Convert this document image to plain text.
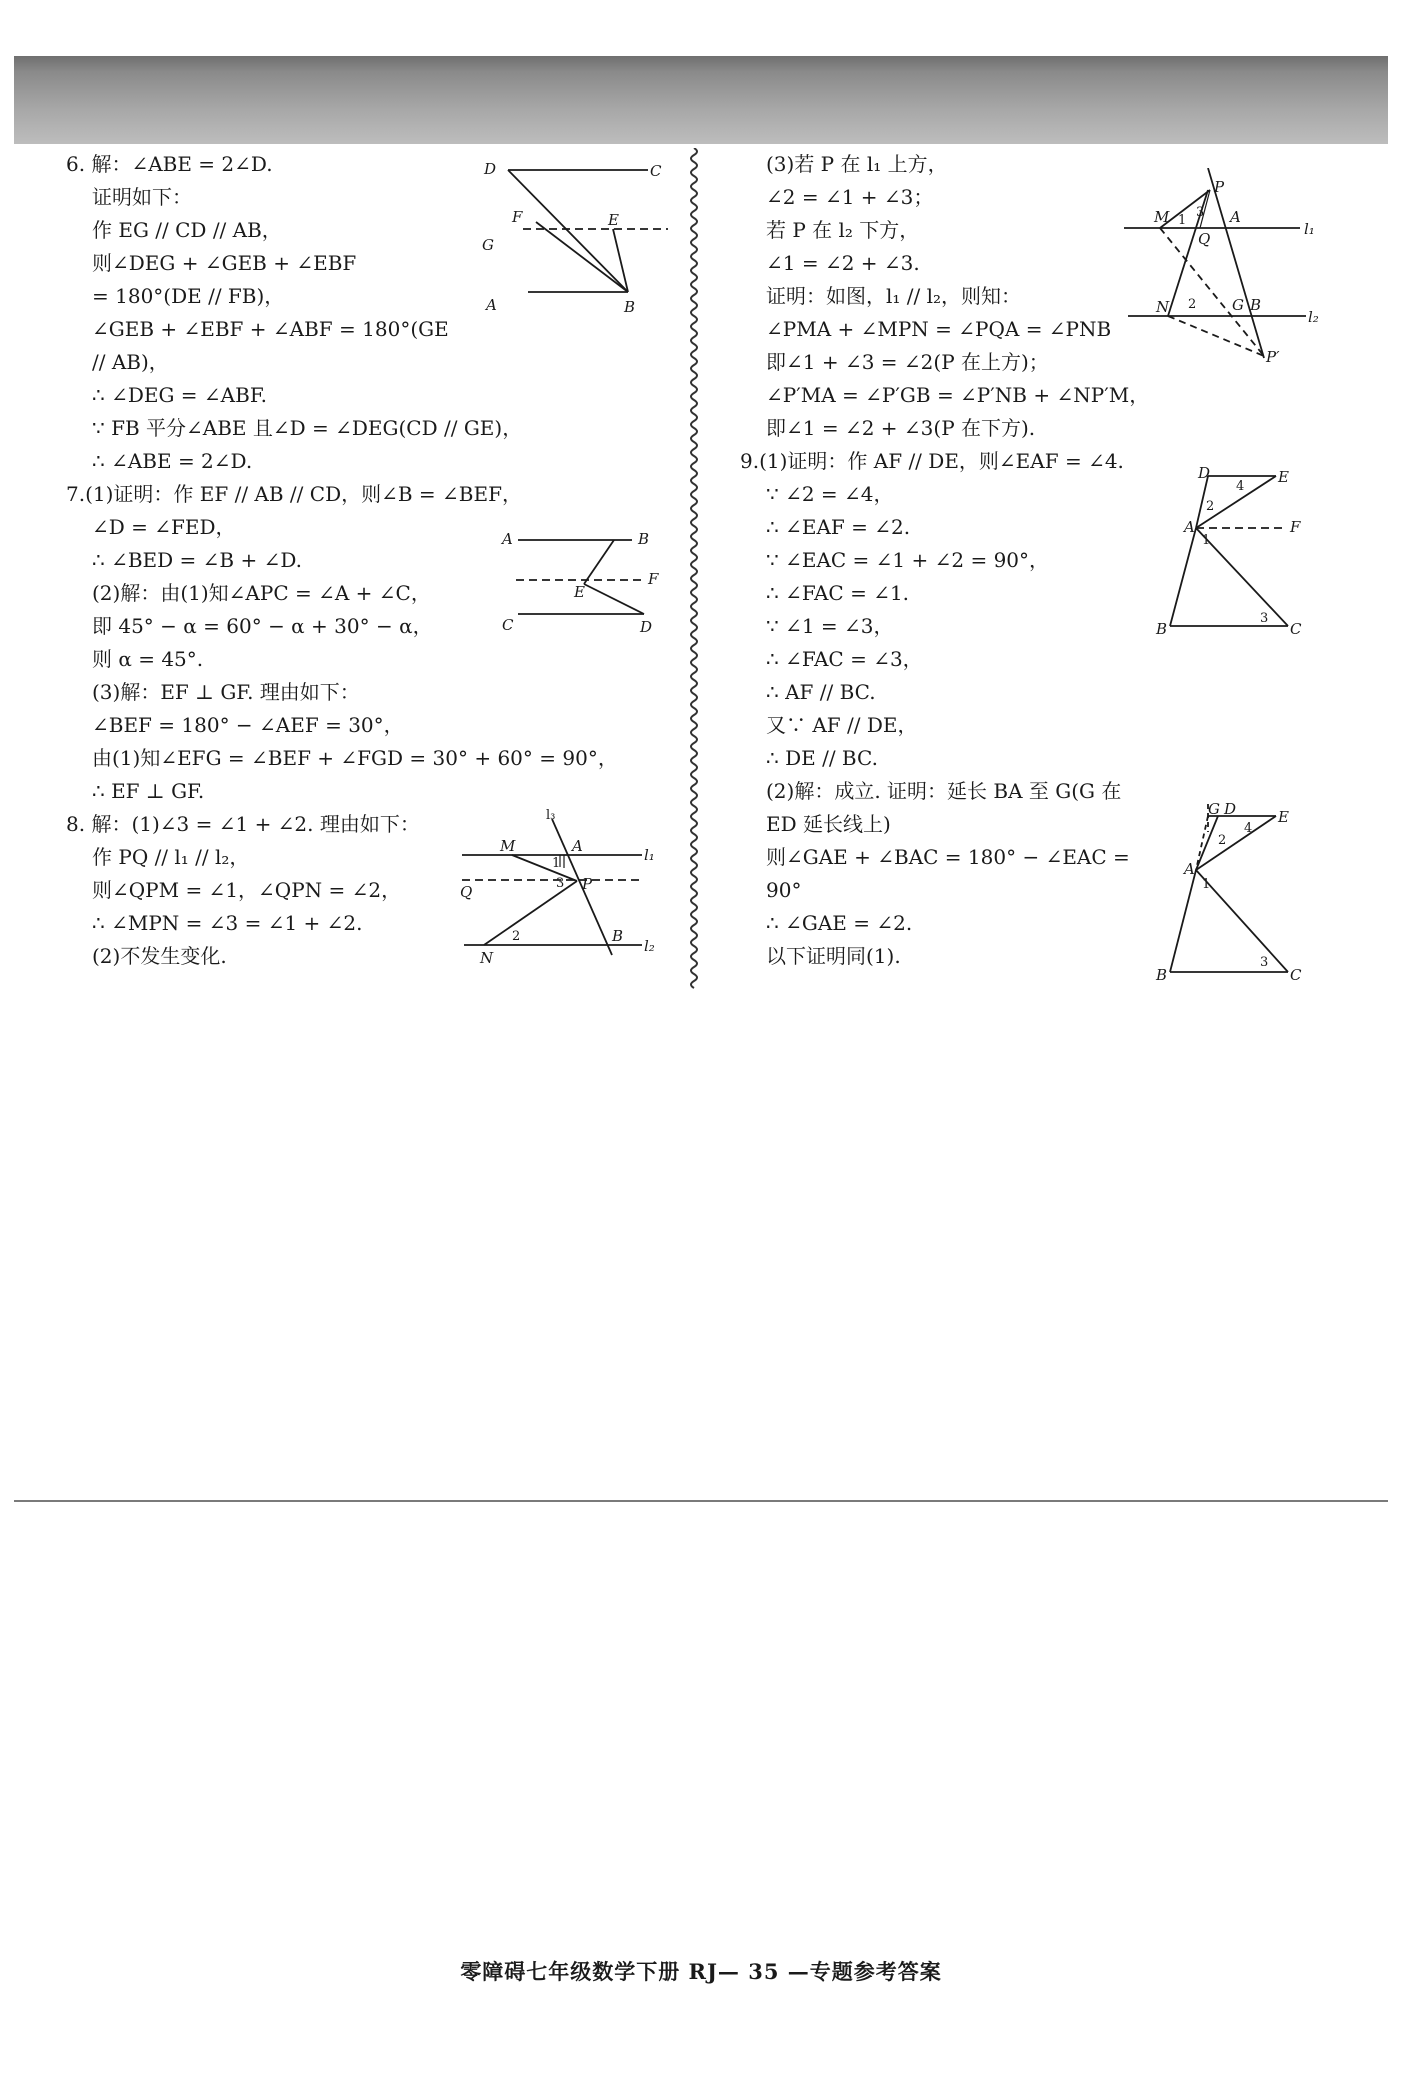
6. 解：∠ABE = 2∠D.
证明如下：
作 EG // CD // AB，
则∠DEG + ∠GEB + ∠EBF
= 180°(DE // FB)，
∠GEB + ∠EBF + ∠ABF = 180°(GE
// AB)，
∴ ∠DEG = ∠ABF.
∵ FB 平分∠ABE 且∠D = ∠DEG(CD // GE)，
∴ ∠ABE = 2∠D.
7.(1)证明：作 EF // AB // CD，则∠B = ∠BEF，
∠D = ∠FED，
∴ ∠BED = ∠B + ∠D.
(2)解：由(1)知∠APC = ∠A + ∠C，
即 45° − α = 60° − α + 30° − α，
则 α = 45°.
(3)解：EF ⊥ GF. 理由如下：
∠BEF = 180° − ∠AEF = 30°，
由(1)知∠EFG = ∠BEF + ∠FGD = 30° + 60° = 90°，
∴ EF ⊥ GF.
8. 解：(1)∠3 = ∠1 + ∠2. 理由如下：
作 PQ // l₁ // l₂，
则∠QPM = ∠1，∠QPN = ∠2，
∴ ∠MPN = ∠3 = ∠1 + ∠2.
(2)不发生变化.
(3)若 P 在 l₁ 上方，
∠2 = ∠1 + ∠3；
若 P 在 l₂ 下方，
∠1 = ∠2 + ∠3.
证明：如图，l₁ // l₂，则知：
∠PMA + ∠MPN = ∠PQA = ∠PNB
即∠1 + ∠3 = ∠2(P 在上方)；
∠P′MA = ∠P′GB = ∠P′NB + ∠NP′M，
即∠1 = ∠2 + ∠3(P 在下方).
9.(1)证明：作 AF // DE，则∠EAF = ∠4.
∵ ∠2 = ∠4，
∴ ∠EAF = ∠2.
∵ ∠EAC = ∠1 + ∠2 = 90°，
∴ ∠FAC = ∠1.
∵ ∠1 = ∠3，
∴ ∠FAC = ∠3，
∴ AF // BC.
又∵ AF // DE，
∴ DE // BC.
(2)解：成立. 证明：延长 BA 至 G(G 在
ED 延长线上)
则∠GAE + ∠BAC = 180° − ∠EAC =
90°
∴ ∠GAE = ∠2.
以下证明同(1).
D	C
F	E
G
A	B
A	B
E
F
C	D
l₃
M	A	l₁
1
3
Q	P
2	B
N
l₂
P
M 3 A
l₁
1
Q
N 2 G B
l₂
P′
D
4
E
2
A	F
1
B
3
C
G D	E
2
4
A
1
B
3
C
零障碍七年级数学下册 RJ— 35 —专题参考答案
